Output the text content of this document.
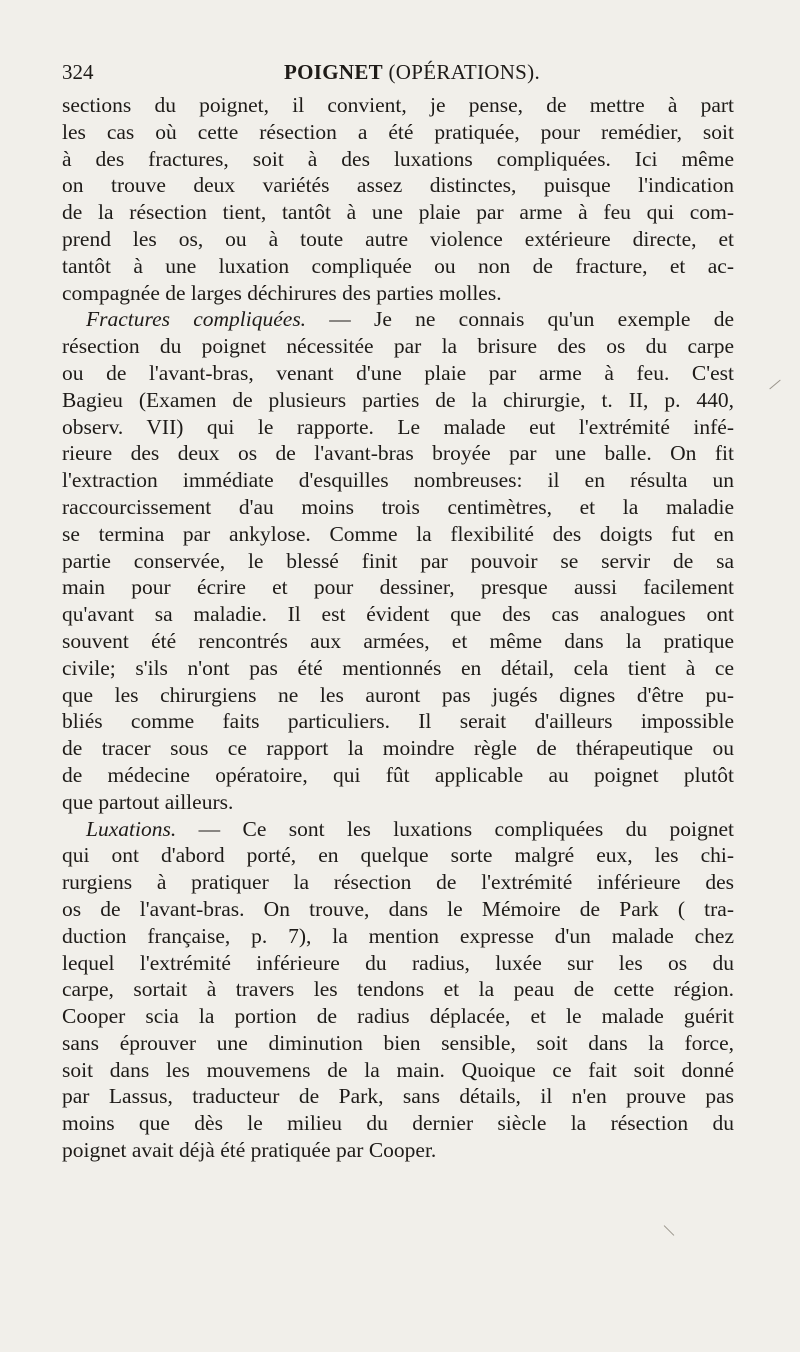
324	POIGNET (OPÉRATIONS).
sections du poignet, il convient, je pense, de mettre à part
les cas où cette résection a été pratiquée, pour remédier, soit
à des fractures, soit à des luxations compliquées. Ici même
on trouve deux variétés assez distinctes, puisque l'indication
de la résection tient, tantôt à une plaie par arme à feu qui com-
prend les os, ou à toute autre violence extérieure directe, et
tantôt à une luxation compliquée ou non de fracture, et ac-
compagnée de larges déchirures des parties molles.
Fractures compliquées. — Je ne connais qu'un exemple de
résection du poignet nécessitée par la brisure des os du carpe
ou de l'avant-bras, venant d'une plaie par arme à feu. C'est
Bagieu (Examen de plusieurs parties de la chirurgie, t. II, p. 440,
observ. VII) qui le rapporte. Le malade eut l'extrémité infé-
rieure des deux os de l'avant-bras broyée par une balle. On fit
l'extraction immédiate d'esquilles nombreuses: il en résulta un
raccourcissement d'au moins trois centimètres, et la maladie
se termina par ankylose. Comme la flexibilité des doigts fut en
partie conservée, le blessé finit par pouvoir se servir de sa
main pour écrire et pour dessiner, presque aussi facilement
qu'avant sa maladie. Il est évident que des cas analogues ont
souvent été rencontrés aux armées, et même dans la pratique
civile; s'ils n'ont pas été mentionnés en détail, cela tient à ce
que les chirurgiens ne les auront pas jugés dignes d'être pu-
bliés comme faits particuliers. Il serait d'ailleurs impossible
de tracer sous ce rapport la moindre règle de thérapeutique ou
de médecine opératoire, qui fût applicable au poignet plutôt
que partout ailleurs.
Luxations. — Ce sont les luxations compliquées du poignet
qui ont d'abord porté, en quelque sorte malgré eux, les chi-
rurgiens à pratiquer la résection de l'extrémité inférieure des
os de l'avant-bras. On trouve, dans le Mémoire de Park ( tra-
duction française, p. 7), la mention expresse d'un malade chez
lequel l'extrémité inférieure du radius, luxée sur les os du
carpe, sortait à travers les tendons et la peau de cette région.
Cooper scia la portion de radius déplacée, et le malade guérit
sans éprouver une diminution bien sensible, soit dans la force,
soit dans les mouvemens de la main. Quoique ce fait soit donné
par Lassus, traducteur de Park, sans détails, il n'en prouve pas
moins que dès le milieu du dernier siècle la résection du
poignet avait déjà été pratiquée par Cooper.
